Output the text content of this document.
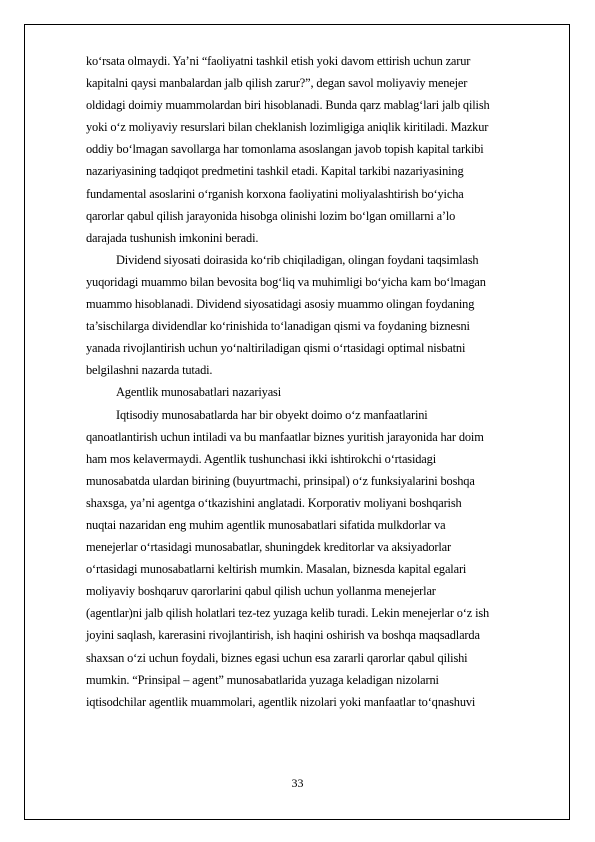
ko‘rsata olmaydi. Ya’ni “faoliyatni tashkil etish yoki davom ettirish uchun zarur
kapitalni qaysi manbalardan jalb qilish zarur?”, degan savol moliyaviy menejer
oldidagi doimiy muammolardan biri hisoblanadi. Bunda qarz mablag‘lari jalb qilish
yoki o‘z moliyaviy resurslari bilan cheklanish lozimligiga aniqlik kiritiladi. Mazkur
oddiy bo‘lmagan savollarga har tomonlama asoslangan javob topish kapital tarkibi
nazariyasining tadqiqot predmetini tashkil etadi. Kapital tarkibi nazariyasining
fundamental asoslarini o‘rganish korxona faoliyatini moliyalashtirish bo‘yicha
qarorlar qabul qilish jarayonida hisobga olinishi lozim bo‘lgan omillarni a’lo
darajada tushunish imkonini beradi.
Dividend siyosati doirasida ko‘rib chiqiladigan, olingan foydani taqsimlash
yuqoridagi muammo bilan bevosita bog‘liq va muhimligi bo‘yicha kam bo‘lmagan
muammo hisoblanadi. Dividend siyosatidagi asosiy muammo olingan foydaning
ta’sischilarga dividendlar ko‘rinishida to‘lanadigan qismi va foydaning biznesni
yanada rivojlantirish uchun yo‘naltiriladigan qismi o‘rtasidagi optimal nisbatni
belgilashni nazarda tutadi.
Agentlik munosabatlari nazariyasi
Iqtisodiy munosabatlarda har bir obyekt doimo o‘z manfaatlarini
qanoatlantirish uchun intiladi va bu manfaatlar biznes yuritish jarayonida har doim
ham mos kelavermaydi. Agentlik tushunchasi ikki ishtirokchi o‘rtasidagi
munosabatda ulardan birining (buyurtmachi, prinsipal) o‘z funksiyalarini boshqa
shaxsga, ya’ni agentga o‘tkazishini anglatadi. Korporativ moliyani boshqarish
nuqtai nazaridan eng muhim agentlik munosabatlari sifatida mulkdorlar va
menejerlar o‘rtasidagi munosabatlar, shuningdek kreditorlar va aksiyadorlar
o‘rtasidagi munosabatlarni keltirish mumkin. Masalan, biznesda kapital egalari
moliyaviy boshqaruv qarorlarini qabul qilish uchun yollanma menejerlar
(agentlar)ni jalb qilish holatlari tez-tez yuzaga kelib turadi. Lekin menejerlar o‘z ish
joyini saqlash, karerasini rivojlantirish, ish haqini oshirish va boshqa maqsadlarda
shaxsan o‘zi uchun foydali, biznes egasi uchun esa zararli qarorlar qabul qilishi
mumkin. “Prinsipal – agent” munosabatlarida yuzaga keladigan nizolarni
iqtisodchilar agentlik muammolari, agentlik nizolari yoki manfaatlar to‘qnashuvi
33
